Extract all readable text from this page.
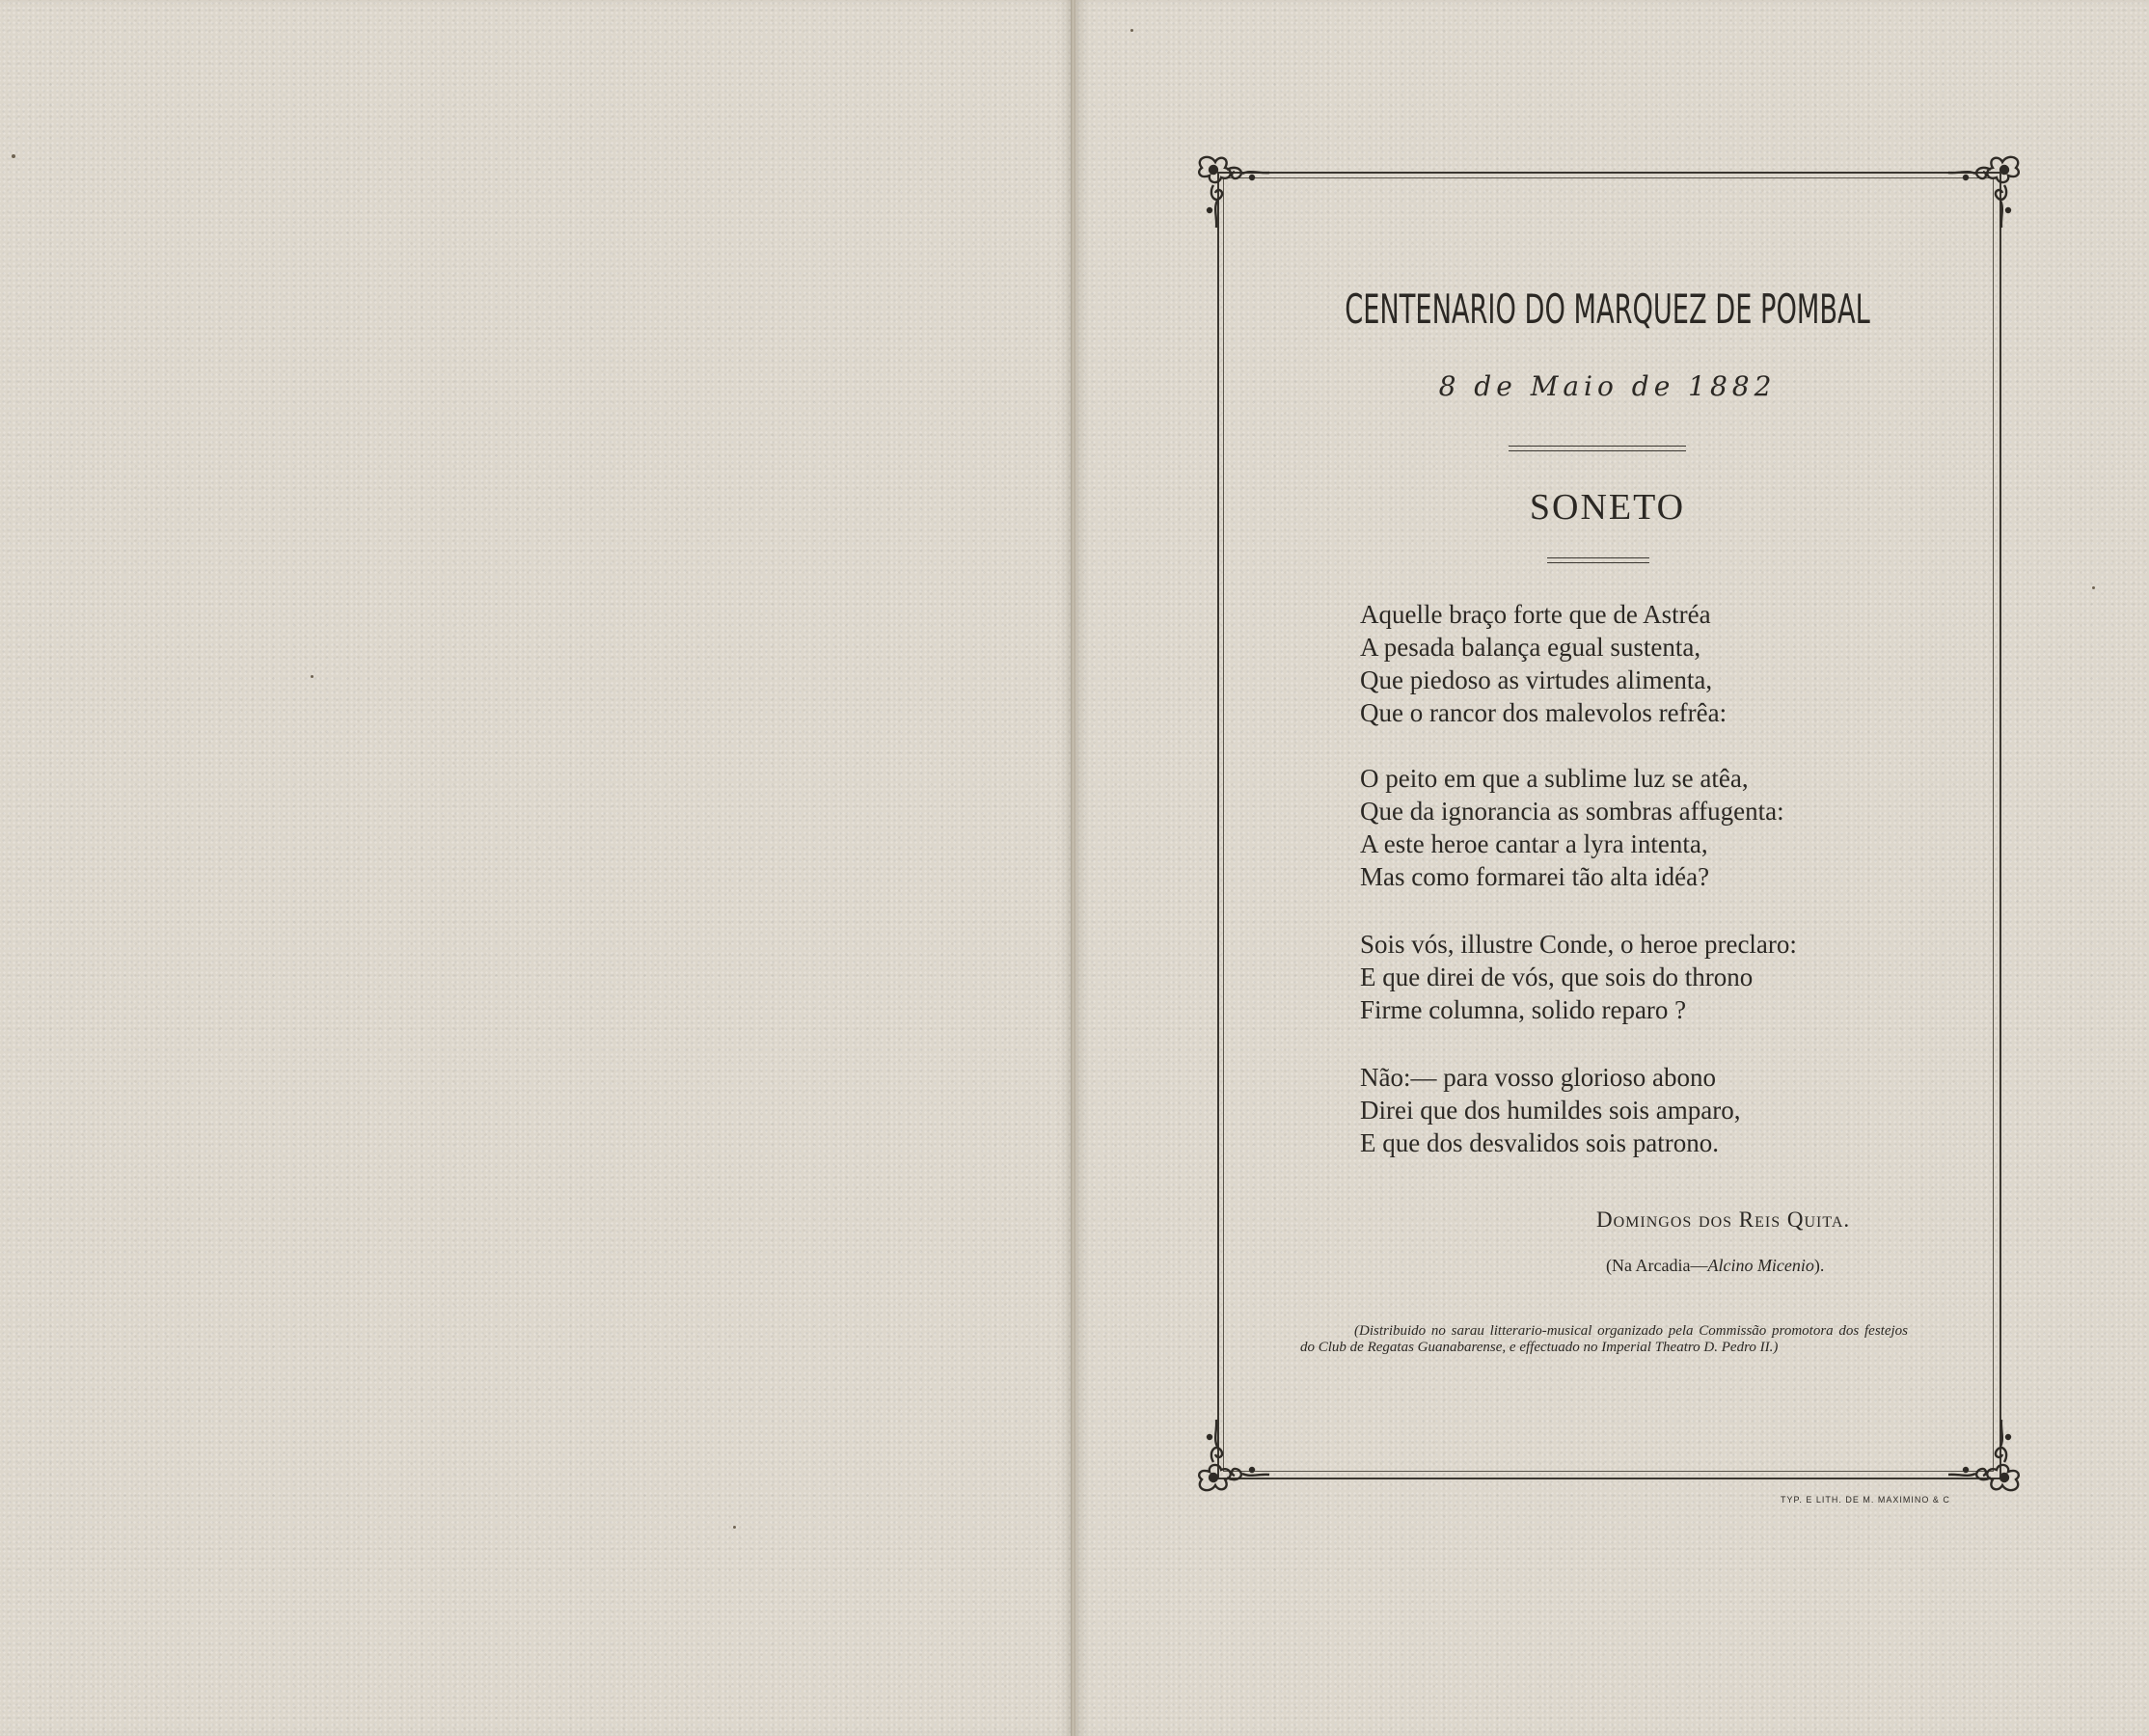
CENTENARIO DO MARQUEZ DE POMBAL
8 de Maio de 1882
SONETO
Aquelle braço forte que de Astréa
A pesada balança egual sustenta,
Que piedoso as virtudes alimenta,
Que o rancor dos malevolos refrêa:
O peito em que a sublime luz se atêa,
Que da ignorancia as sombras affugenta:
A este heroe cantar a lyra intenta,
Mas como formarei tão alta idéa?
Sois vós, illustre Conde, o heroe preclaro:
E que direi de vós, que sois do throno
Firme columna, solido reparo ?
Não:— para vosso glorioso abono
Direi que dos humildes sois amparo,
E que dos desvalidos sois patrono.
Domingos dos Reis Quita.
(Na Arcadia—Alcino Micenio).
(Distribuido no sarau litterario-musical organizado pela Commissão promotora dos festejos do Club de Regatas Guanabarense, e effectuado no Imperial Theatro D. Pedro II.)
TYP. E LITH. DE M. MAXIMINO & C
